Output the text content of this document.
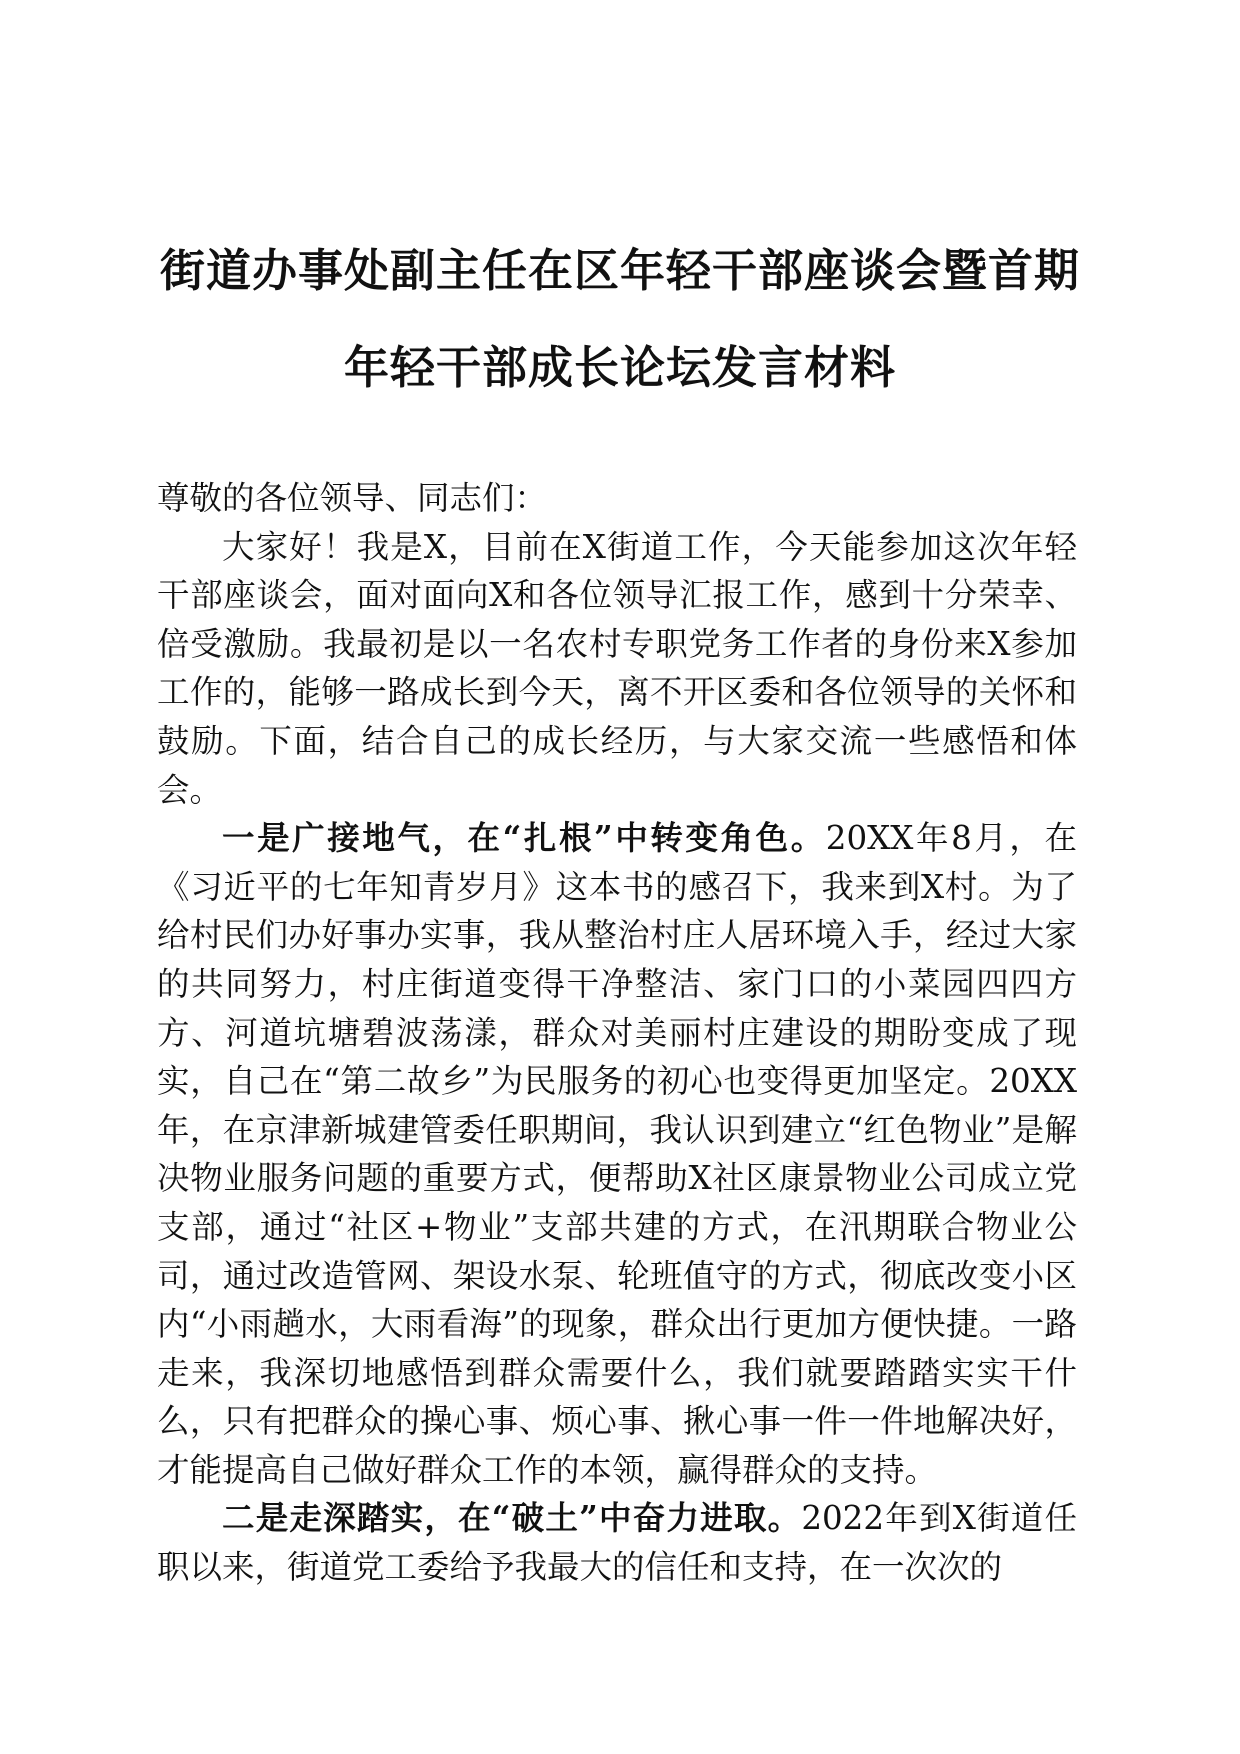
街道办事处副主任在区年轻干部座谈会暨首期
年轻干部成长论坛发言材料

尊敬的各位领导、同志们：

大家好！我是X，目前在X街道工作，今天能参加这次年轻干部座谈会，面对面向X和各位领导汇报工作，感到十分荣幸、倍受激励。我最初是以一名农村专职党务工作者的身份来X参加工作的，能够一路成长到今天，离不开区委和各位领导的关怀和鼓励。下面，结合自己的成长经历，与大家交流一些感悟和体会。

一是广接地气，在“扎根”中转变角色。20XX年8月，在《习近平的七年知青岁月》这本书的感召下，我来到X村。为了给村民们办好事办实事，我从整治村庄人居环境入手，经过大家的共同努力，村庄街道变得干净整洁、家门口的小菜园四四方方、河道坑塘碧波荡漾，群众对美丽村庄建设的期盼变成了现实，自己在“第二故乡”为民服务的初心也变得更加坚定。20XX年，在京津新城建管委任职期间，我认识到建立“红色物业”是解决物业服务问题的重要方式，便帮助X社区康景物业公司成立党支部，通过“社区+物业”支部共建的方式，在汛期联合物业公司，通过改造管网、架设水泵、轮班值守的方式，彻底改变小区内“小雨趟水，大雨看海”的现象，群众出行更加方便快捷。一路走来，我深切地感悟到群众需要什么，我们就要踏踏实实干什么，只有把群众的操心事、烦心事、揪心事一件一件地解决好，才能提高自己做好群众工作的本领，赢得群众的支持。

二是走深踏实，在“破土”中奋力进取。2022年到X街道任职以来，街道党工委给予我最大的信任和支持，在一次次的
